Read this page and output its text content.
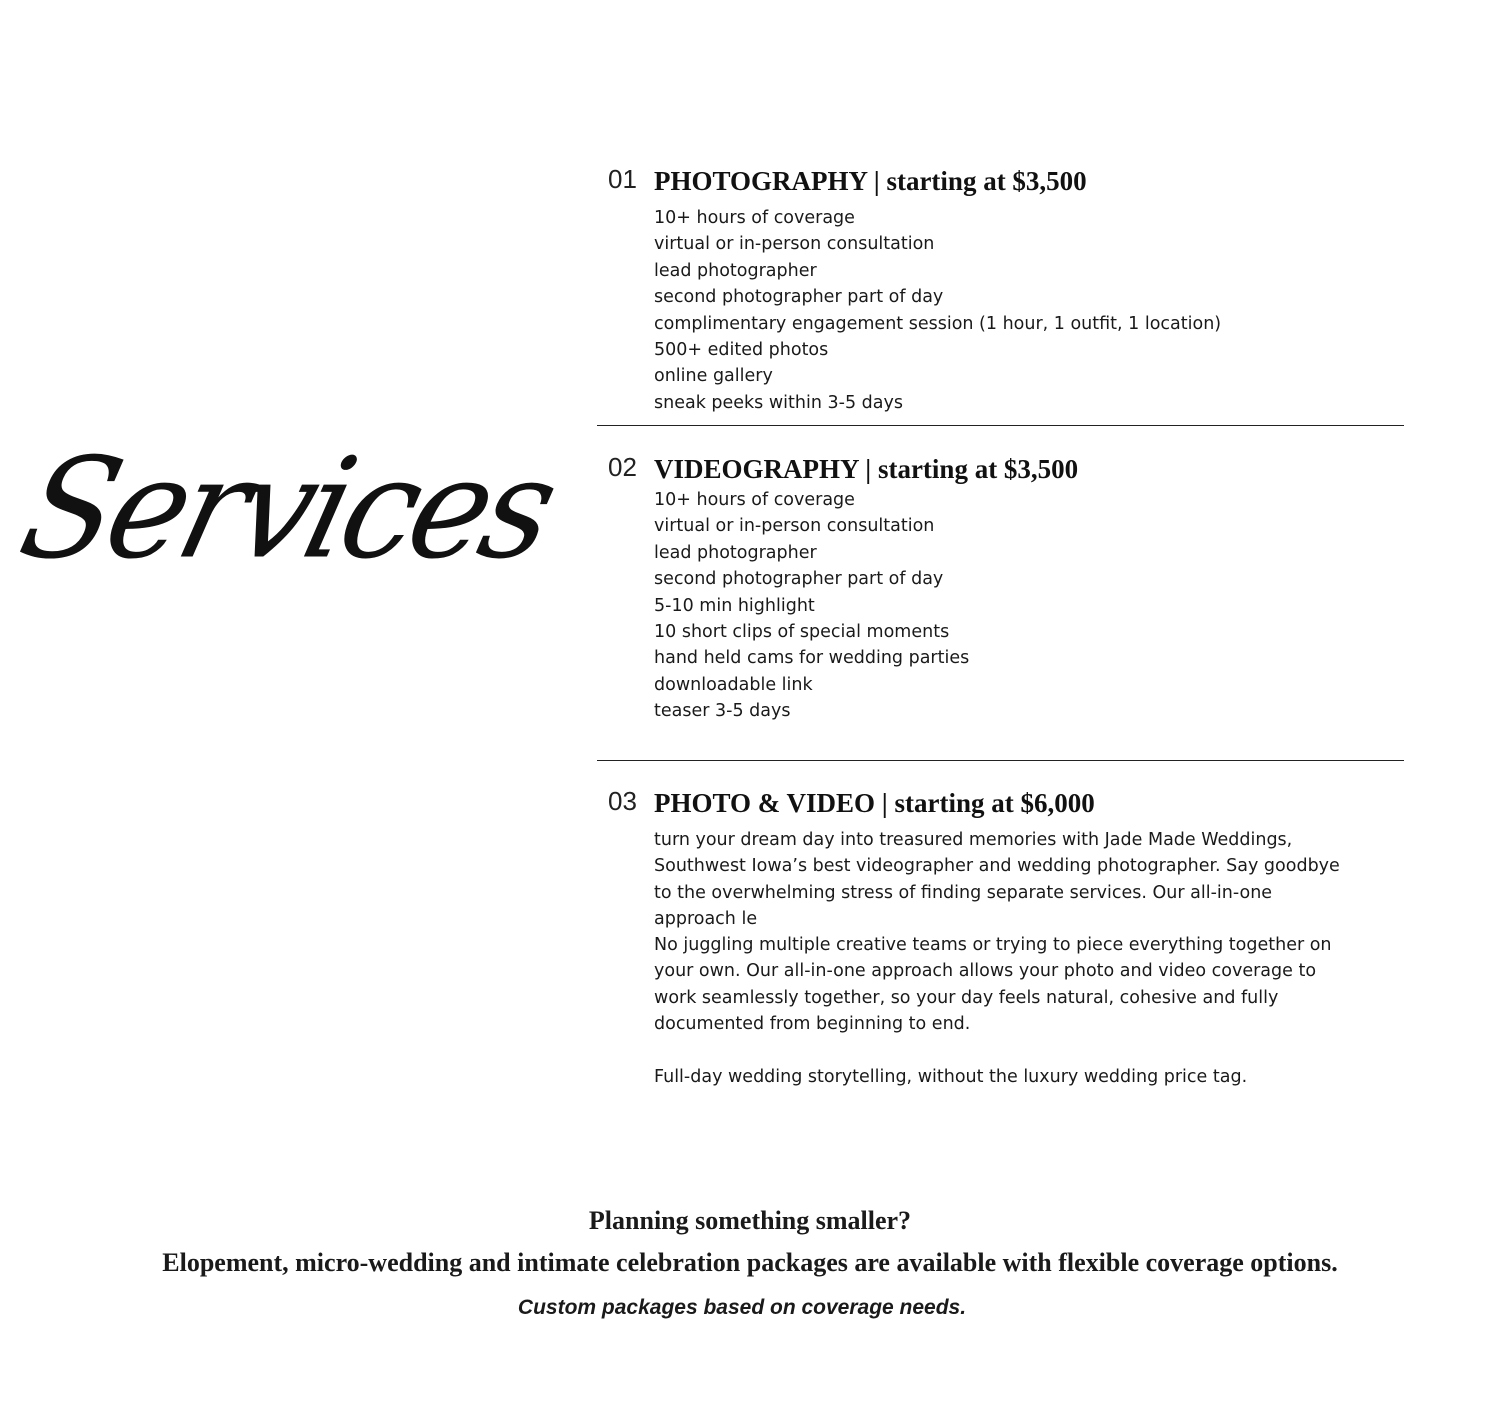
Services
01 PHOTOGRAPHY | starting at $3,500
10+ hours of coverage
virtual or in-person consultation
lead photographer
second photographer part of day
complimentary engagement session (1 hour, 1 outfit, 1 location)
500+ edited photos
online gallery
sneak peeks within 3-5 days
02 VIDEOGRAPHY | starting at $3,500
10+ hours of coverage
virtual or in-person consultation
lead photographer
second photographer part of day
5-10 min highlight
10 short clips of special moments
hand held cams for wedding parties
downloadable link
teaser 3-5 days
03 PHOTO & VIDEO | starting at $6,000

turn your dream day into treasured memories with Jade Made Weddings, Southwest Iowa’s best videographer and wedding photographer. Say goodbye to the overwhelming stress of finding separate services. Our all-in-one approach le

No juggling multiple creative teams or trying to piece everything together on your own. Our all-in-one approach allows your photo and video coverage to work seamlessly together, so your day feels natural, cohesive and fully documented from beginning to end.

Full-day wedding storytelling, without the luxury wedding price tag.

Planning something smaller?
Elopement, micro-wedding and intimate celebration packages are available with flexible coverage options.
Custom packages based on coverage needs.
